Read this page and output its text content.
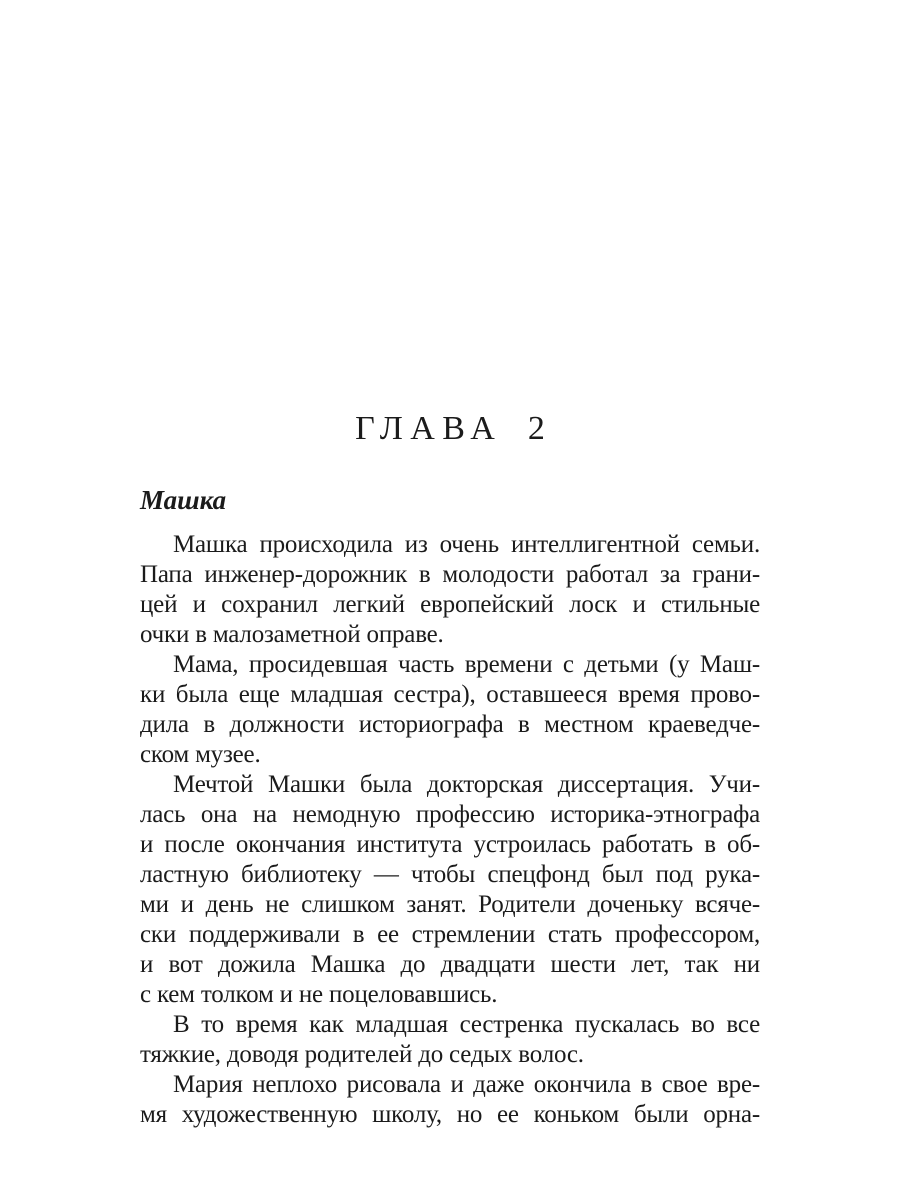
ГЛАВА 2
Машка
Машка происходила из очень интеллигентной семьи.
Папа инженер-дорожник в молодости работал за грани-
цей и сохранил легкий европейский лоск и стильные
очки в малозаметной оправе.
Мама, просидевшая часть времени с детьми (у Маш-
ки была еще младшая сестра), оставшееся время прово-
дила в должности историографа в местном краеведче-
ском музее.
Мечтой Машки была докторская диссертация. Учи-
лась она на немодную профессию историка-этнографа
и после окончания института устроилась работать в об-
ластную библиотеку — чтобы спецфонд был под рука-
ми и день не слишком занят. Родители доченьку всяче-
ски поддерживали в ее стремлении стать профессором,
и вот дожила Машка до двадцати шести лет, так ни
с кем толком и не поцеловавшись.
В то время как младшая сестренка пускалась во все
тяжкие, доводя родителей до седых волос.
Мария неплохо рисовала и даже окончила в свое вре-
мя художественную школу, но ее коньком были орна-
